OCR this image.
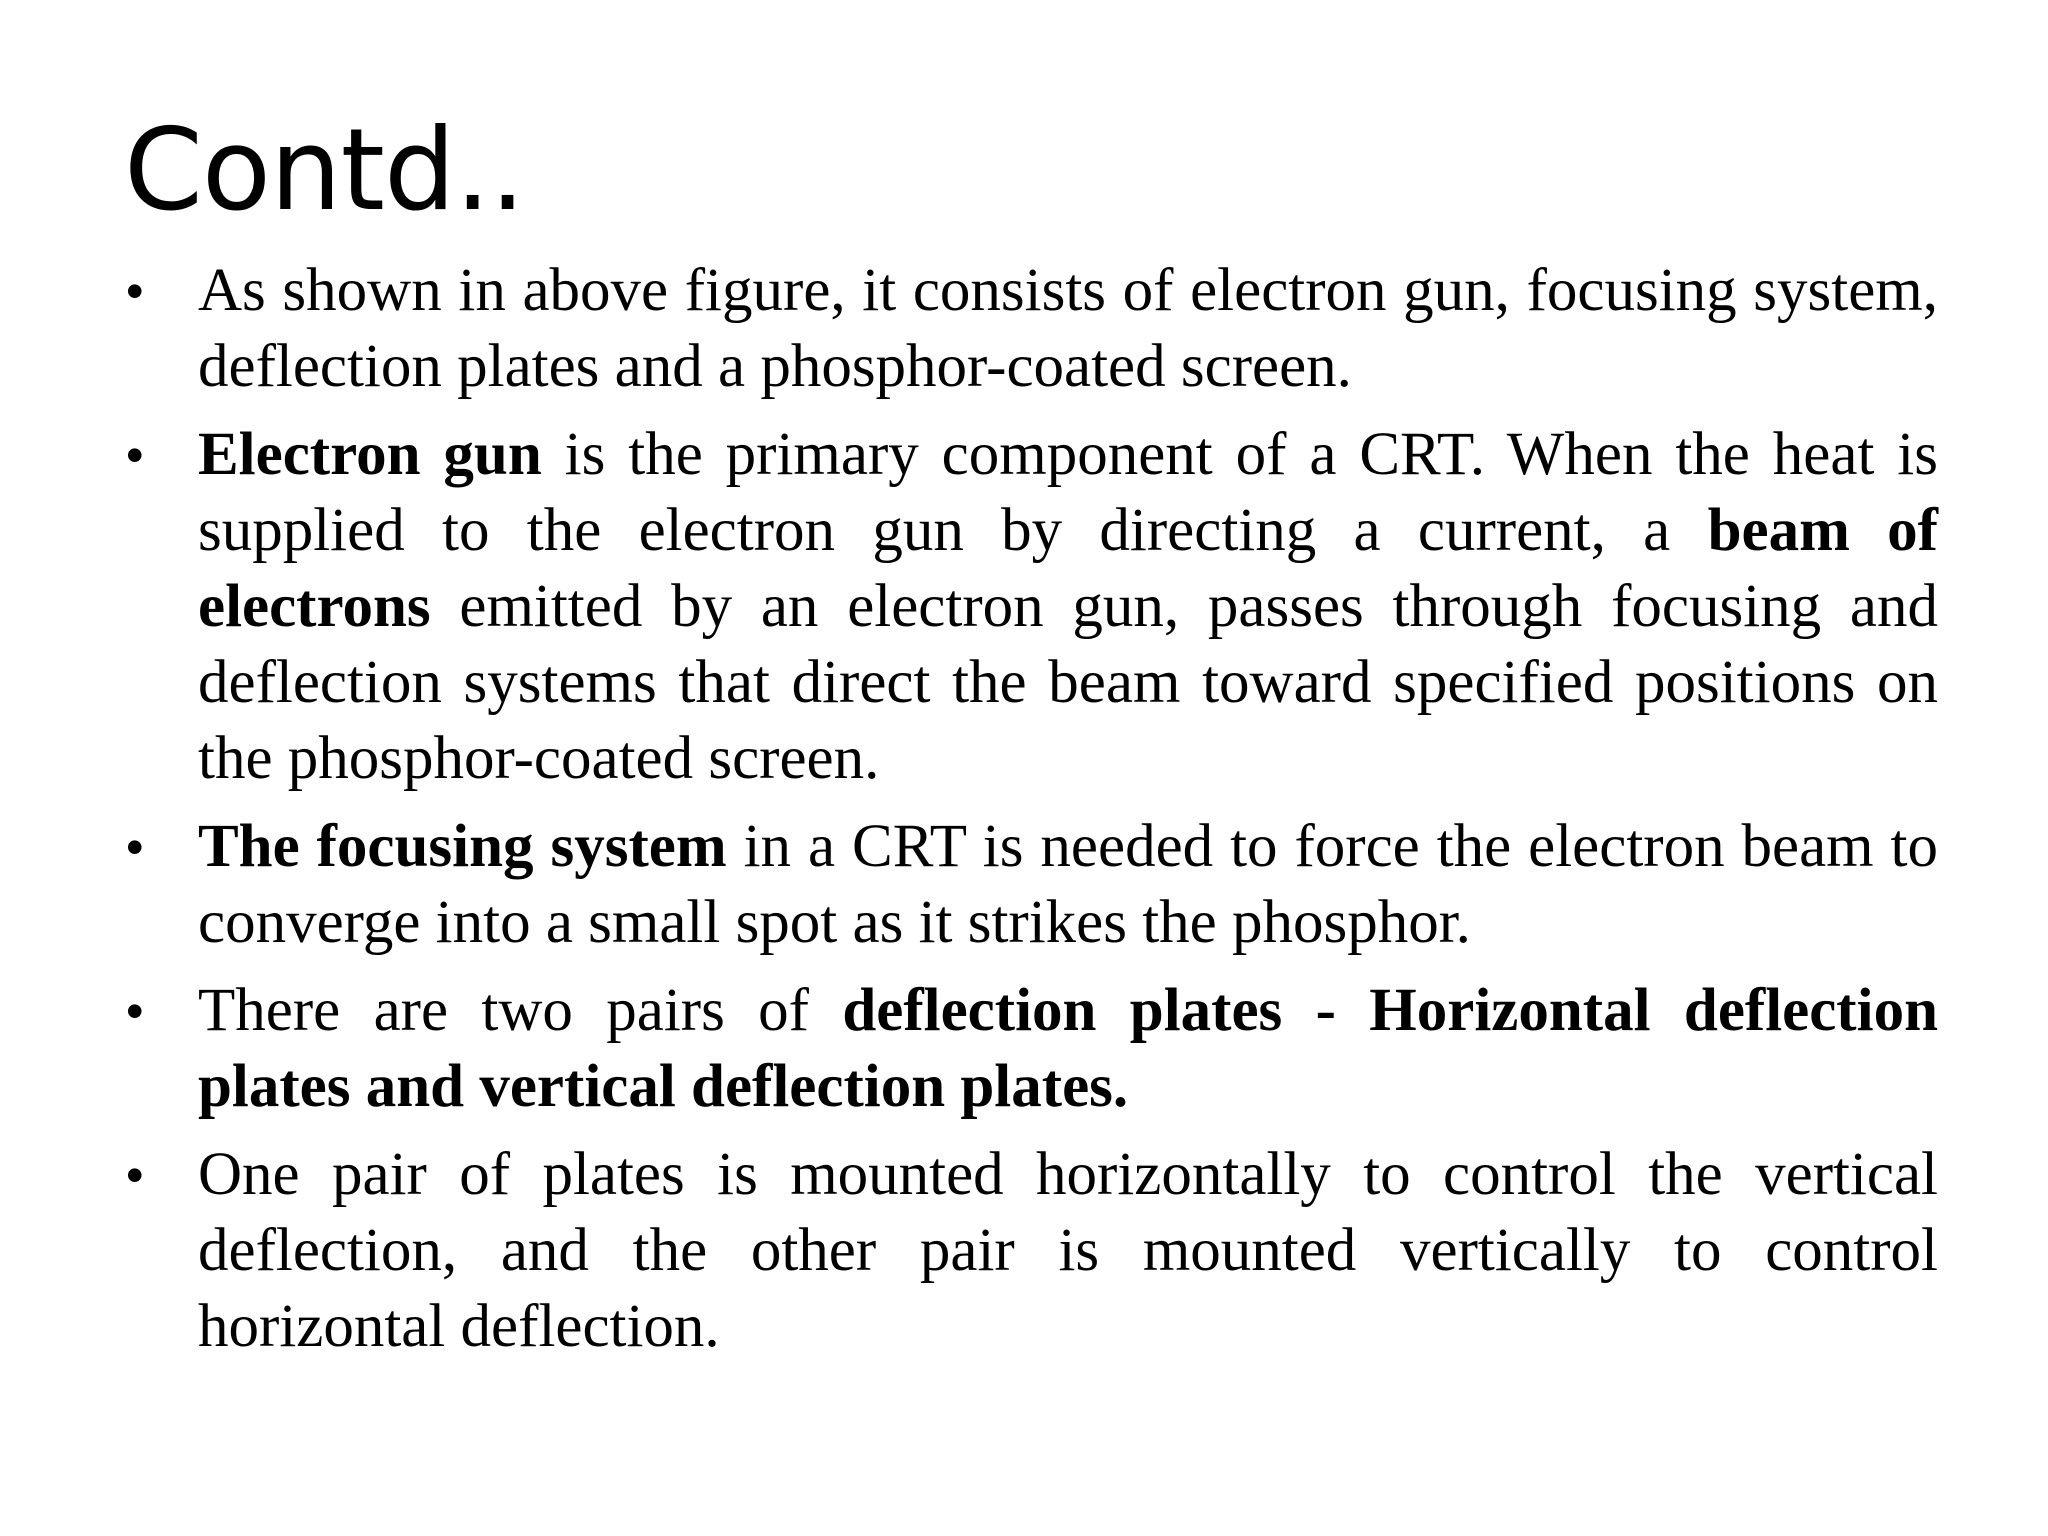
Contd..
• As shown in above figure, it consists of electron gun, focusing system, deflection plates and a phosphor-coated screen.
• Electron gun is the primary component of a CRT. When the heat is supplied to the electron gun by directing a current, a beam of electrons emitted by an electron gun, passes through focusing and deflection systems that direct the beam toward specified positions on the phosphor-coated screen.
• The focusing system in a CRT is needed to force the electron beam to converge into a small spot as it strikes the phosphor.
• There are two pairs of deflection plates - Horizontal deflection plates and vertical deflection plates.
• One pair of plates is mounted horizontally to control the vertical deflection, and the other pair is mounted vertically to control horizontal deflection.
